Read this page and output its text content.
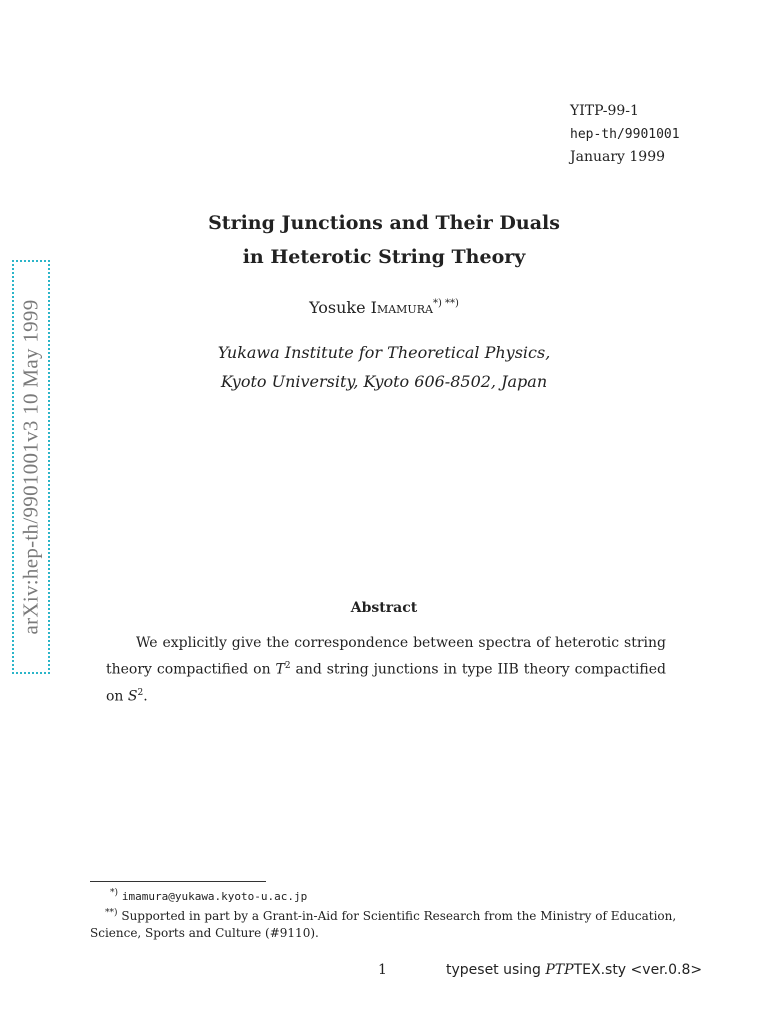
arXiv:hep-th/9901001v3 10 May 1999
YITP-99-1
hep-th/9901001
January 1999
String Junctions and Their Duals
in Heterotic String Theory
Yosuke Imamura*) **)
Yukawa Institute for Theoretical Physics,
Kyoto University, Kyoto 606-8502, Japan
Abstract
We explicitly give the correspondence between spectra of heterotic string theory compactified on $T^2$ and string junctions in type IIB theory compactified on $S^2$.
*) imamura@yukawa.kyoto-u.ac.jp
**) Supported in part by a Grant-in-Aid for Scientific Research from the Ministry of Education, Science, Sports and Culture (#9110).
1	typeset using PTPTEX.sty <ver.0.8>
